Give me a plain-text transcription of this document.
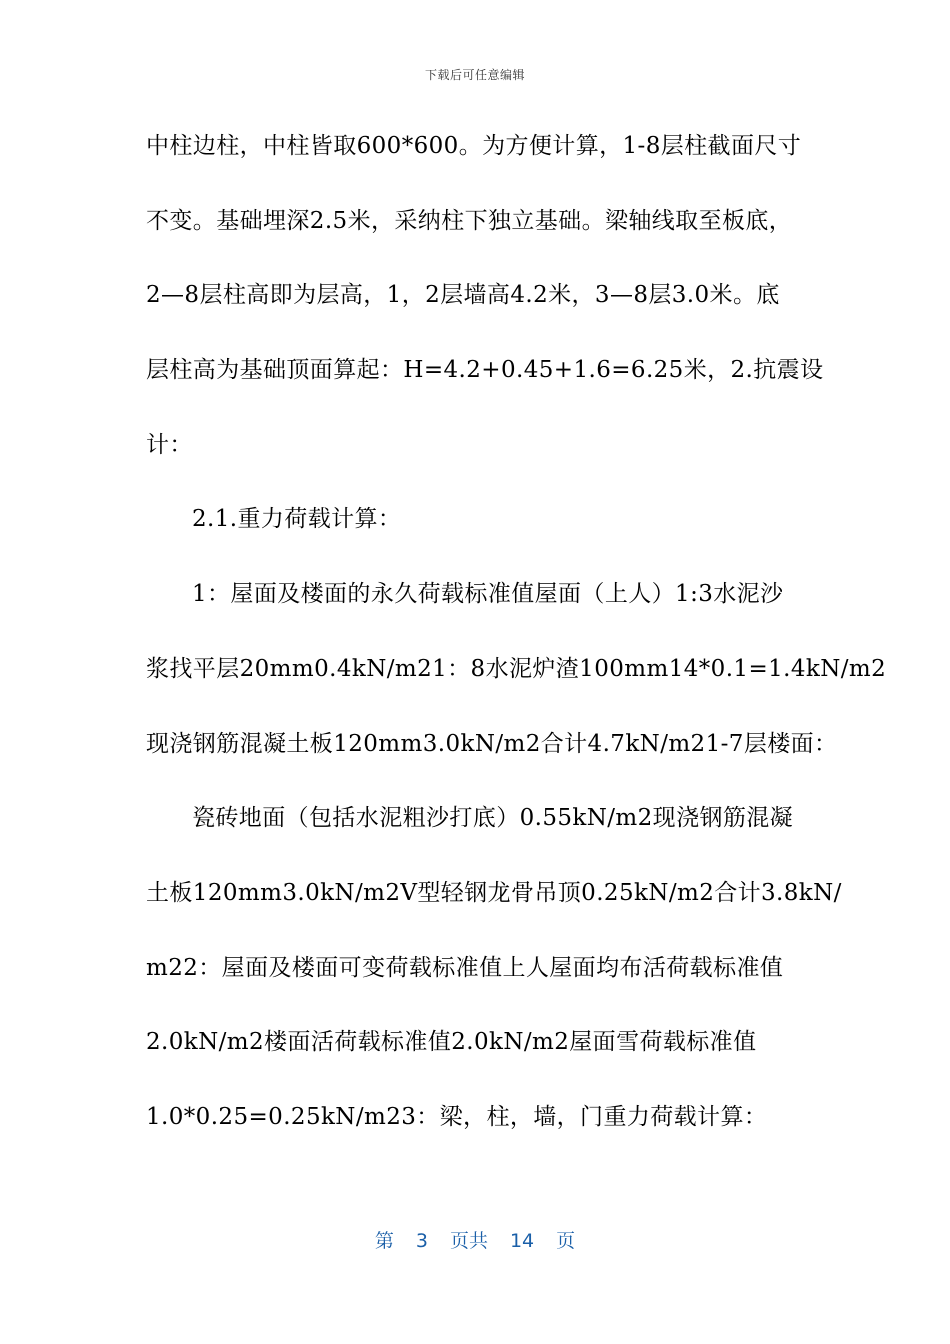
下载后可任意编辑
中柱边柱，中柱皆取600*600。为方便计算，1-8层柱截面尺寸
不变。基础埋深2.5米，采纳柱下独立基础。梁轴线取至板底，
2—8层柱高即为层高，1，2层墙高4.2米，3—8层3.0米。底
层柱高为基础顶面算起：H=4.2+0.45+1.6=6.25米，2.抗震设
计：
2.1.重力荷载计算：
1：屋面及楼面的永久荷载标准值屋面（上人）1:3水泥沙
浆找平层20mm0.4kN/m21：8水泥炉渣100mm14*0.1=1.4kN/m2
现浇钢筋混凝土板120mm3.0kN/m2合计4.7kN/m21-7层楼面：
瓷砖地面（包括水泥粗沙打底）0.55kN/m2现浇钢筋混凝
土板120mm3.0kN/m2V型轻钢龙骨吊顶0.25kN/m2合计3.8kN/
m22：屋面及楼面可变荷载标准值上人屋面均布活荷载标准值
2.0kN/m2楼面活荷载标准值2.0kN/m2屋面雪荷载标准值
1.0*0.25=0.25kN/m23：梁，柱，墙，门重力荷载计算：
第 3 页共 14 页
